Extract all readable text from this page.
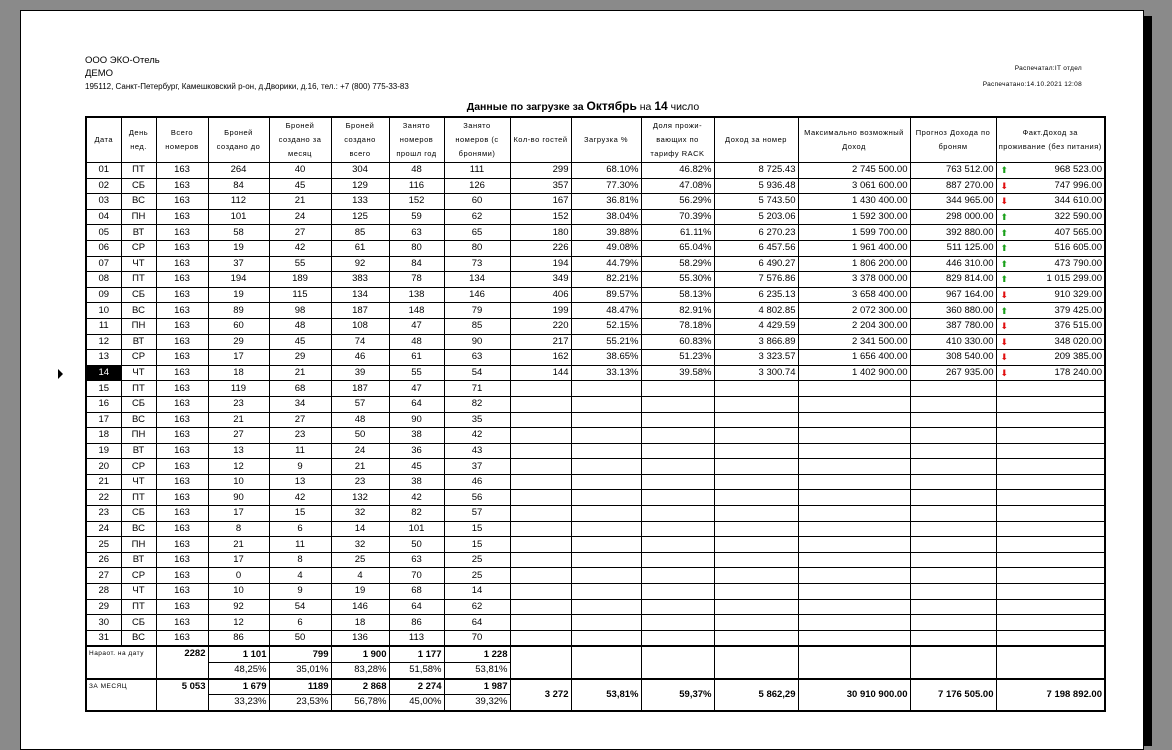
ООО ЭКО-Отель
ДЕМО
195112, Санкт-Петербург, Камешковский р-он, д.Дворики, д.16, тел.: +7 (800) 775-33-83
Распечатал:IT отдел
Распечатано:14.10.2021 12:08
Данные по загрузке за Октябрь на 14 число
Дата	День нед.	Всего номеров	Броней создано до	Броней создано за месяц	Броней создано всего	Занято номеров прошл год	Занято номеров (с бронями)	Кол-во гостей	Загрузка %	Доля прожи-вающих по тарифу RACK	Доход за номер	Максимально возможный Доход	Прогноз Дохода по броням	Факт.Доход за проживание (без питания)
01	ПТ	163	264	40	304	48	111	299	68.10%	46.82%	8 725.43	2 745 500.00	763 512.00	⬆ 968 523.00
02	СБ	163	84	45	129	116	126	357	77.30%	47.08%	5 936.48	3 061 600.00	887 270.00	⬇ 747 996.00
03	ВС	163	112	21	133	152	60	167	36.81%	56.29%	5 743.50	1 430 400.00	344 965.00	⬇ 344 610.00
04	ПН	163	101	24	125	59	62	152	38.04%	70.39%	5 203.06	1 592 300.00	298 000.00	⬆ 322 590.00
05	ВТ	163	58	27	85	63	65	180	39.88%	61.11%	6 270.23	1 599 700.00	392 880.00	⬆ 407 565.00
06	СР	163	19	42	61	80	80	226	49.08%	65.04%	6 457.56	1 961 400.00	511 125.00	⬆ 516 605.00
07	ЧТ	163	37	55	92	84	73	194	44.79%	58.29%	6 490.27	1 806 200.00	446 310.00	⬆ 473 790.00
08	ПТ	163	194	189	383	78	134	349	82.21%	55.30%	7 576.86	3 378 000.00	829 814.00	⬆ 1 015 299.00
09	СБ	163	19	115	134	138	146	406	89.57%	58.13%	6 235.13	3 658 400.00	967 164.00	⬇ 910 329.00
10	ВС	163	89	98	187	148	79	199	48.47%	82.91%	4 802.85	2 072 300.00	360 880.00	⬆ 379 425.00
11	ПН	163	60	48	108	47	85	220	52.15%	78.18%	4 429.59	2 204 300.00	387 780.00	⬇ 376 515.00
12	ВТ	163	29	45	74	48	90	217	55.21%	60.83%	3 866.89	2 341 500.00	410 330.00	⬇ 348 020.00
13	СР	163	17	29	46	61	63	162	38.65%	51.23%	3 323.57	1 656 400.00	308 540.00	⬇ 209 385.00
14	ЧТ	163	18	21	39	55	54	144	33.13%	39.58%	3 300.74	1 402 900.00	267 935.00	⬇ 178 240.00
15	ПТ	163	119	68	187	47	71							
16	СБ	163	23	34	57	64	82							
17	ВС	163	21	27	48	90	35							
18	ПН	163	27	23	50	38	42							
19	ВТ	163	13	11	24	36	43							
20	СР	163	12	9	21	45	37							
21	ЧТ	163	10	13	23	38	46							
22	ПТ	163	90	42	132	42	56							
23	СБ	163	17	15	32	82	57							
24	ВС	163	8	6	14	101	15							
25	ПН	163	21	11	32	50	15							
26	ВТ	163	17	8	25	63	25							
27	СР	163	0	4	4	70	25							
28	ЧТ	163	10	9	19	68	14							
29	ПТ	163	92	54	146	64	62							
30	СБ	163	12	6	18	86	64							
31	ВС	163	86	50	136	113	70							
Нараот. на дату		2282	1 101	799	1 900	1 177	1 228							
			48,25%	35,01%	83,28%	51,58%	53,81%							
ЗА МЕСЯЦ		5 053	1 679	1189	2 868	2 274	1 987	3 272	53,81%	59,37%	5 862,29	30 910 900.00	7 176 505.00	7 198 892.00
			33,23%	23,53%	56,78%	45,00%	39,32%							
